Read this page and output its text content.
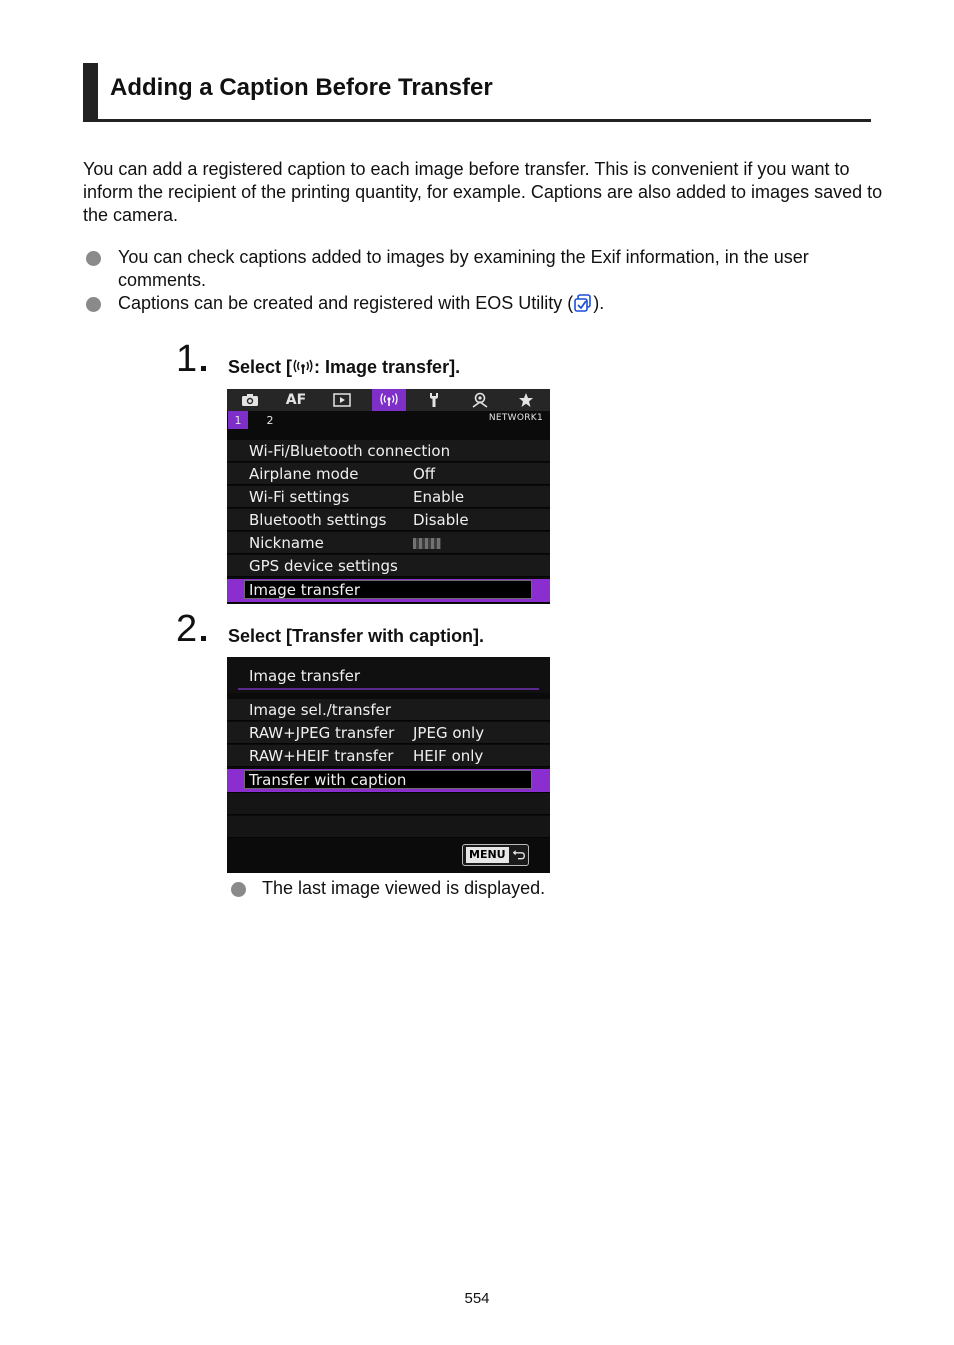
Adding a Caption Before Transfer

You can add a registered caption to each image before transfer. This is convenient if you want to inform the recipient of the printing quantity, for example. Captions are also added to images saved to the camera.

You can check captions added to images by examining the Exif information, in the user comments.
Captions can be created and registered with EOS Utility ( ).
1 Select [ : Image transfer].
AF
1	2	NETWORK1
Wi-Fi/Bluetooth connection
Airplane mode	Off
Wi-Fi settings	Enable
Bluetooth settings Disable
Nickname
GPS device settings
Image transfer
2 Select [Transfer with caption].
Image transfer
Image sel./transfer
RAW+JPEG transfer JPEG only
RAW+HEIF transfer HEIF only
Transfer with caption
MENU
The last image viewed is displayed.
554
